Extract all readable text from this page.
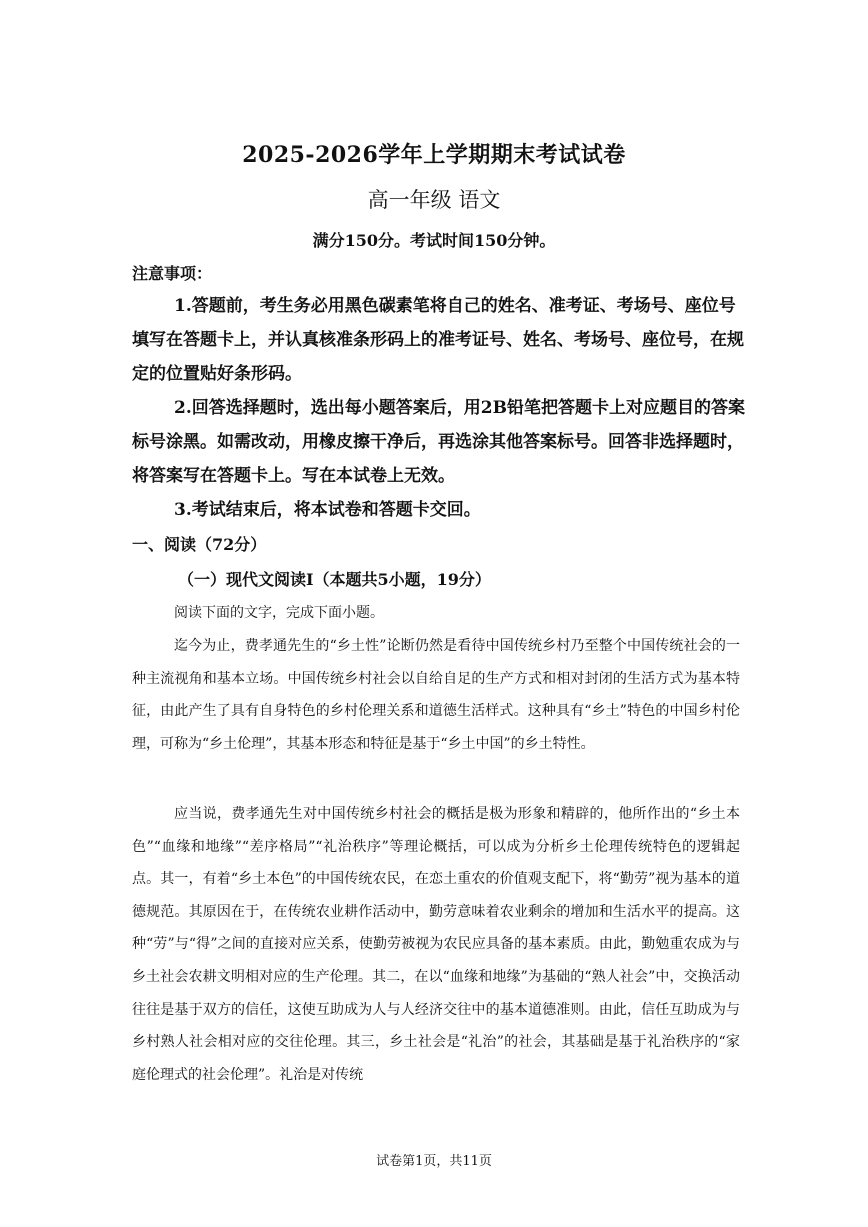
2025-2026学年上学期期末考试试卷
高一年级 语文
满分150分。考试时间150分钟。
注意事项：

1.答题前，考生务必用黑色碳素笔将自己的姓名、准考证、考场号、座位号填写在答题卡上，并认真核准条形码上的准考证号、姓名、考场号、座位号，在规定的位置贴好条形码。

2.回答选择题时，选出每小题答案后，用2B铅笔把答题卡上对应题目的答案标号涂黑。如需改动，用橡皮擦干净后，再选涂其他答案标号。回答非选择题时，将答案写在答题卡上。写在本试卷上无效。

3.考试结束后，将本试卷和答题卡交回。

一、阅读（72分）
（一）现代文阅读I（本题共5小题，19分）
阅读下面的文字，完成下面小题。

迄今为止，费孝通先生的“乡土性”论断仍然是看待中国传统乡村乃至整个中国传统社会的一种主流视角和基本立场。中国传统乡村社会以自给自足的生产方式和相对封闭的生活方式为基本特征，由此产生了具有自身特色的乡村伦理关系和道德生活样式。这种具有“乡土”特色的中国乡村伦理，可称为“乡土伦理”，其基本形态和特征是基于“乡土中国”的乡土特性。

应当说，费孝通先生对中国传统乡村社会的概括是极为形象和精辟的，他所作出的“乡土本色”“血缘和地缘”“差序格局”“礼治秩序”等理论概括，可以成为分析乡土伦理传统特色的逻辑起点。其一，有着“乡土本色”的中国传统农民，在恋土重农的价值观支配下，将“勤劳”视为基本的道德规范。其原因在于，在传统农业耕作活动中，勤劳意味着农业剩余的增加和生活水平的提高。这种“劳”与“得”之间的直接对应关系，使勤劳被视为农民应具备的基本素质。由此，勤勉重农成为与乡土社会农耕文明相对应的生产伦理。其二，在以“血缘和地缘”为基础的“熟人社会”中，交换活动往往是基于双方的信任，这使互助成为人与人经济交往中的基本道德准则。由此，信任互助成为与乡村熟人社会相对应的交往伦理。其三，乡土社会是“礼治”的社会，其基础是基于礼治秩序的“家庭伦理式的社会伦理”。礼治是对传统

试卷第1页，共11页
